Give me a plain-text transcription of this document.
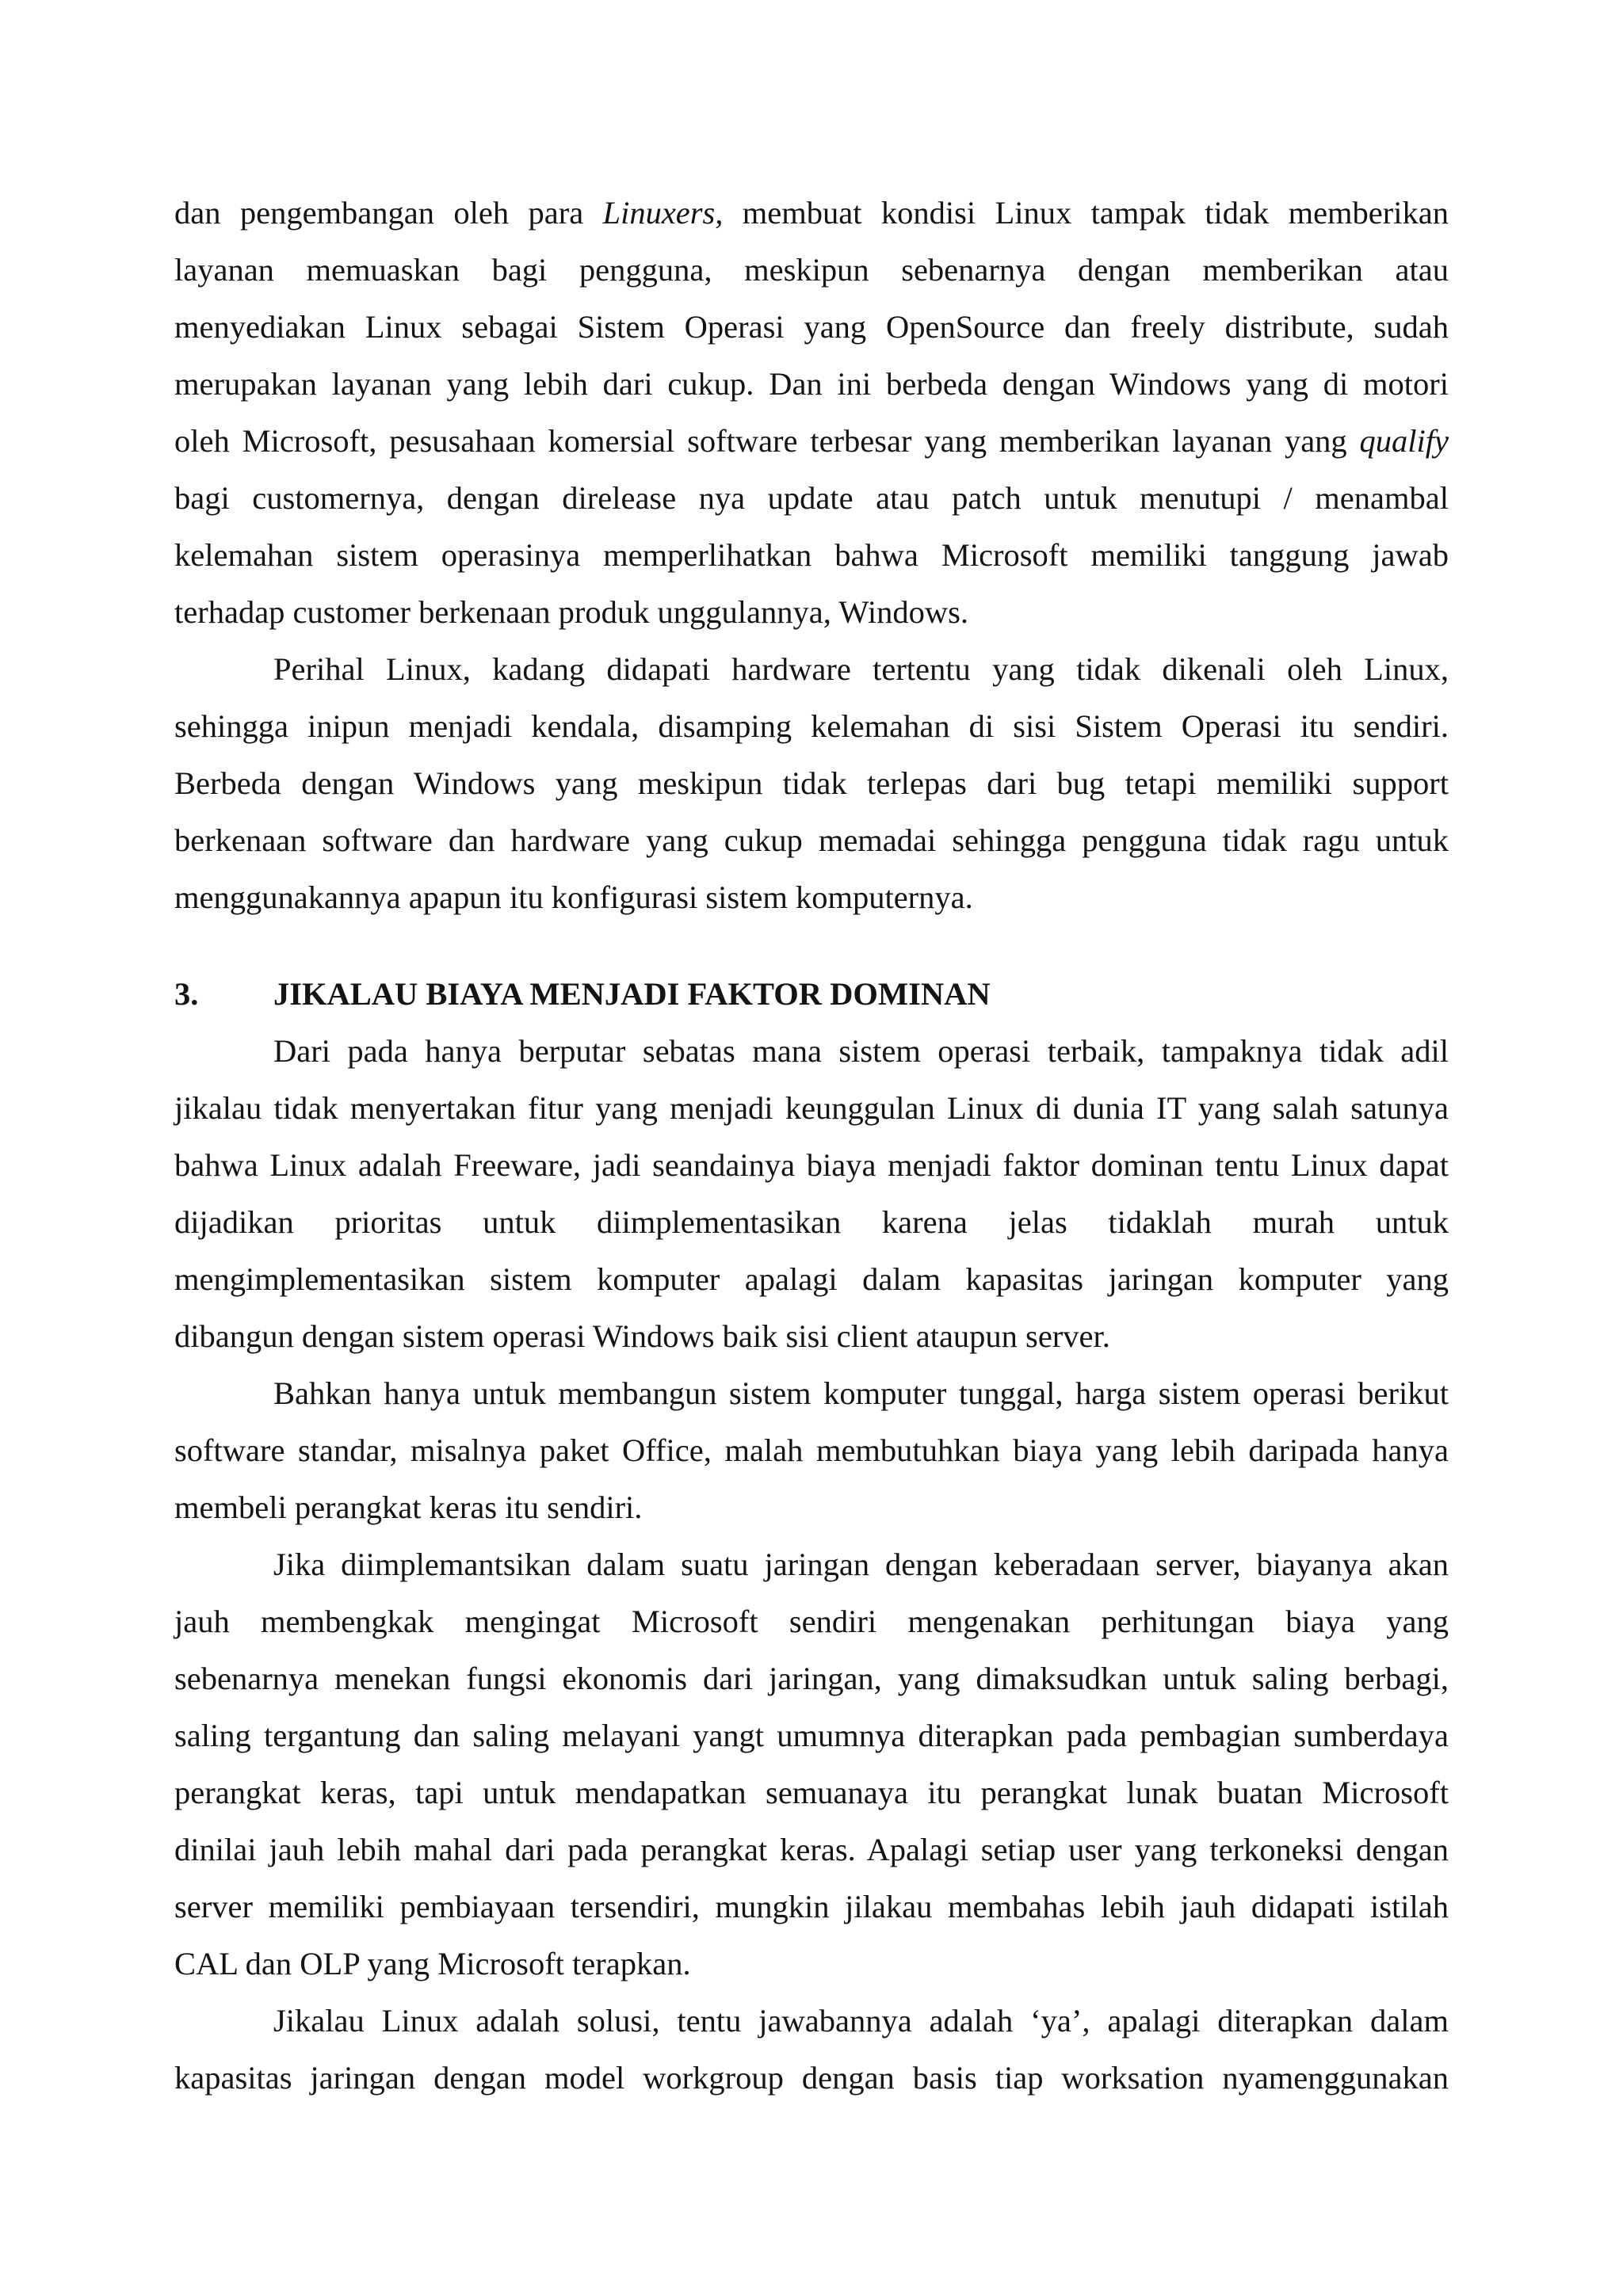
dan pengembangan oleh para Linuxers, membuat kondisi Linux tampak tidak memberikan
layanan memuaskan bagi pengguna, meskipun sebenarnya dengan memberikan atau
menyediakan Linux sebagai Sistem Operasi yang OpenSource dan freely distribute, sudah
merupakan layanan yang lebih dari cukup. Dan ini berbeda dengan Windows yang di motori
oleh Microsoft, pesusahaan komersial software terbesar yang memberikan layanan yang qualify
bagi customernya, dengan direlease nya update atau patch untuk menutupi / menambal
kelemahan sistem operasinya memperlihatkan bahwa Microsoft memiliki tanggung jawab
terhadap customer berkenaan produk unggulannya, Windows.
Perihal Linux, kadang didapati hardware tertentu yang tidak dikenali oleh Linux,
sehingga inipun menjadi kendala, disamping kelemahan di sisi Sistem Operasi itu sendiri.
Berbeda dengan Windows yang meskipun tidak terlepas dari bug tetapi memiliki support
berkenaan software dan hardware yang cukup memadai sehingga pengguna tidak ragu untuk
menggunakannya apapun itu konfigurasi sistem komputernya.
3. JIKALAU BIAYA MENJADI FAKTOR DOMINAN
Dari pada hanya berputar sebatas mana sistem operasi terbaik, tampaknya tidak adil
jikalau tidak menyertakan fitur yang menjadi keunggulan Linux di dunia IT yang salah satunya
bahwa Linux adalah Freeware, jadi seandainya biaya menjadi faktor dominan tentu Linux dapat
dijadikan prioritas untuk diimplementasikan karena jelas tidaklah murah untuk
mengimplementasikan sistem komputer apalagi dalam kapasitas jaringan komputer yang
dibangun dengan sistem operasi Windows baik sisi client ataupun server.
Bahkan hanya untuk membangun sistem komputer tunggal, harga sistem operasi berikut
software standar, misalnya paket Office, malah membutuhkan biaya yang lebih daripada hanya
membeli perangkat keras itu sendiri.
Jika diimplemantsikan dalam suatu jaringan dengan keberadaan server, biayanya akan
jauh membengkak mengingat Microsoft sendiri mengenakan perhitungan biaya yang
sebenarnya menekan fungsi ekonomis dari jaringan, yang dimaksudkan untuk saling berbagi,
saling tergantung dan saling melayani yangt umumnya diterapkan pada pembagian sumberdaya
perangkat keras, tapi untuk mendapatkan semuanaya itu perangkat lunak buatan Microsoft
dinilai jauh lebih mahal dari pada perangkat keras. Apalagi setiap user yang terkoneksi dengan
server memiliki pembiayaan tersendiri, mungkin jilakau membahas lebih jauh didapati istilah
CAL dan OLP yang Microsoft terapkan.
Jikalau Linux adalah solusi, tentu jawabannya adalah ‘ya’, apalagi diterapkan dalam
kapasitas jaringan dengan model workgroup dengan basis tiap worksation nyamenggunakan
